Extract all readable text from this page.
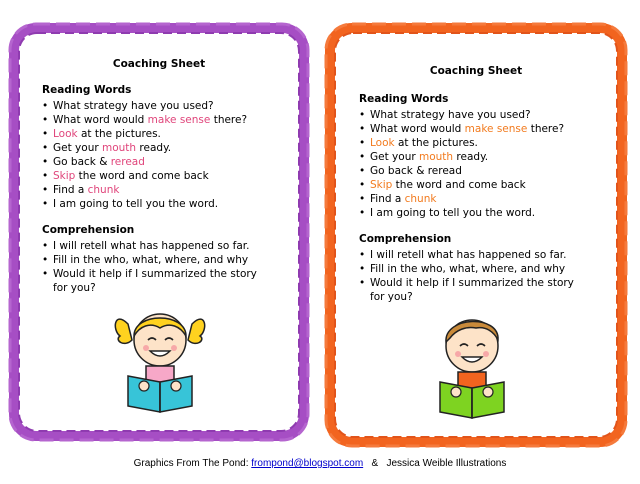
Coaching Sheet
Reading Words
• What strategy have you used?
• What word would make sense there?
• Look at the pictures.
• Get your mouth ready.
• Go back & reread
• Skip the word and come back
• Find a chunk
• I am going to tell you the word.
Comprehension
• I will retell what has happened so far.
• Fill in the who, what, where, and why
• Would it help if I summarized the story for you?
Coaching Sheet
Reading Words
• What strategy have you used?
• What word would make sense there?
• Look at the pictures.
• Get your mouth ready.
• Go back & reread
• Skip the word and come back
• Find a chunk
• I am going to tell you the word.
Comprehension
• I will retell what has happened so far.
• Fill in the who, what, where, and why
• Would it help if I summarized the story for you?
Graphics From The Pond: frompond@blogspot.com   &   Jessica Weible Illustrations
